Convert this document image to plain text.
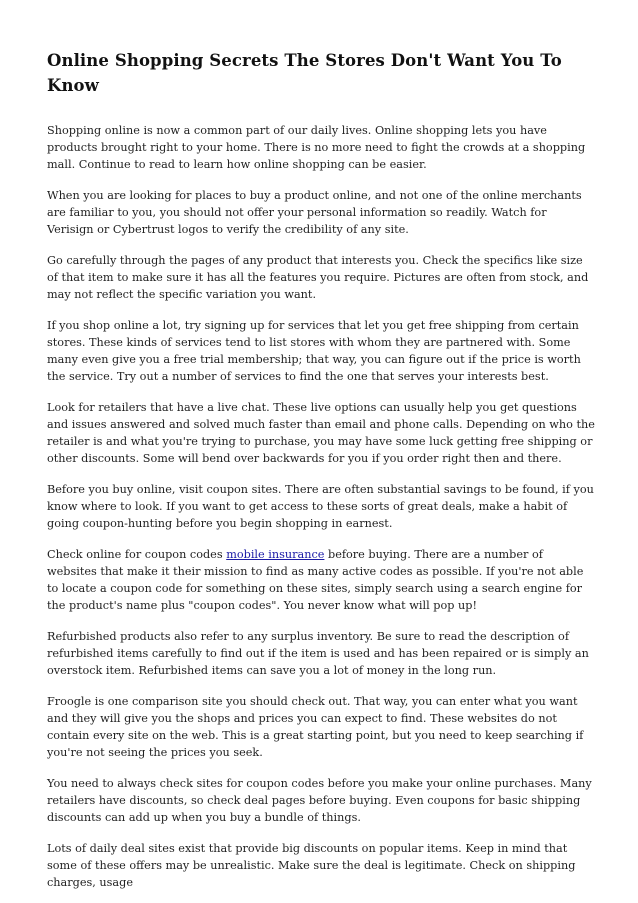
Online Shopping Secrets The Stores Don't Want You To Know

Shopping online is now a common part of our daily lives. Online shopping lets you have products brought right to your home. There is no more need to fight the crowds at a shopping mall. Continue to read to learn how online shopping can be easier.

When you are looking for places to buy a product online, and not one of the online merchants are familiar to you, you should not offer your personal information so readily. Watch for Verisign or Cybertrust logos to verify the credibility of any site.

Go carefully through the pages of any product that interests you. Check the specifics like size of that item to make sure it has all the features you require. Pictures are often from stock, and may not reflect the specific variation you want.

If you shop online a lot, try signing up for services that let you get free shipping from certain stores. These kinds of services tend to list stores with whom they are partnered with. Some many even give you a free trial membership; that way, you can figure out if the price is worth the service. Try out a number of services to find the one that serves your interests best.

Look for retailers that have a live chat. These live options can usually help you get questions and issues answered and solved much faster than email and phone calls. Depending on who the retailer is and what you're trying to purchase, you may have some luck getting free shipping or other discounts. Some will bend over backwards for you if you order right then and there.

Before you buy online, visit coupon sites. There are often substantial savings to be found, if you know where to look. If you want to get access to these sorts of great deals, make a habit of going coupon-hunting before you begin shopping in earnest.

Check online for coupon codes mobile insurance before buying. There are a number of websites that make it their mission to find as many active codes as possible. If you're not able to locate a coupon code for something on these sites, simply search using a search engine for the product's name plus "coupon codes". You never know what will pop up!

Refurbished products also refer to any surplus inventory. Be sure to read the description of refurbished items carefully to find out if the item is used and has been repaired or is simply an overstock item. Refurbished items can save you a lot of money in the long run.

Froogle is one comparison site you should check out. That way, you can enter what you want and they will give you the shops and prices you can expect to find. These websites do not contain every site on the web. This is a great starting point, but you need to keep searching if you're not seeing the prices you seek.

You need to always check sites for coupon codes before you make your online purchases. Many retailers have discounts, so check deal pages before buying. Even coupons for basic shipping discounts can add up when you buy a bundle of things.

Lots of daily deal sites exist that provide big discounts on popular items. Keep in mind that some of these offers may be unrealistic. Make sure the deal is legitimate. Check on shipping charges, usage
